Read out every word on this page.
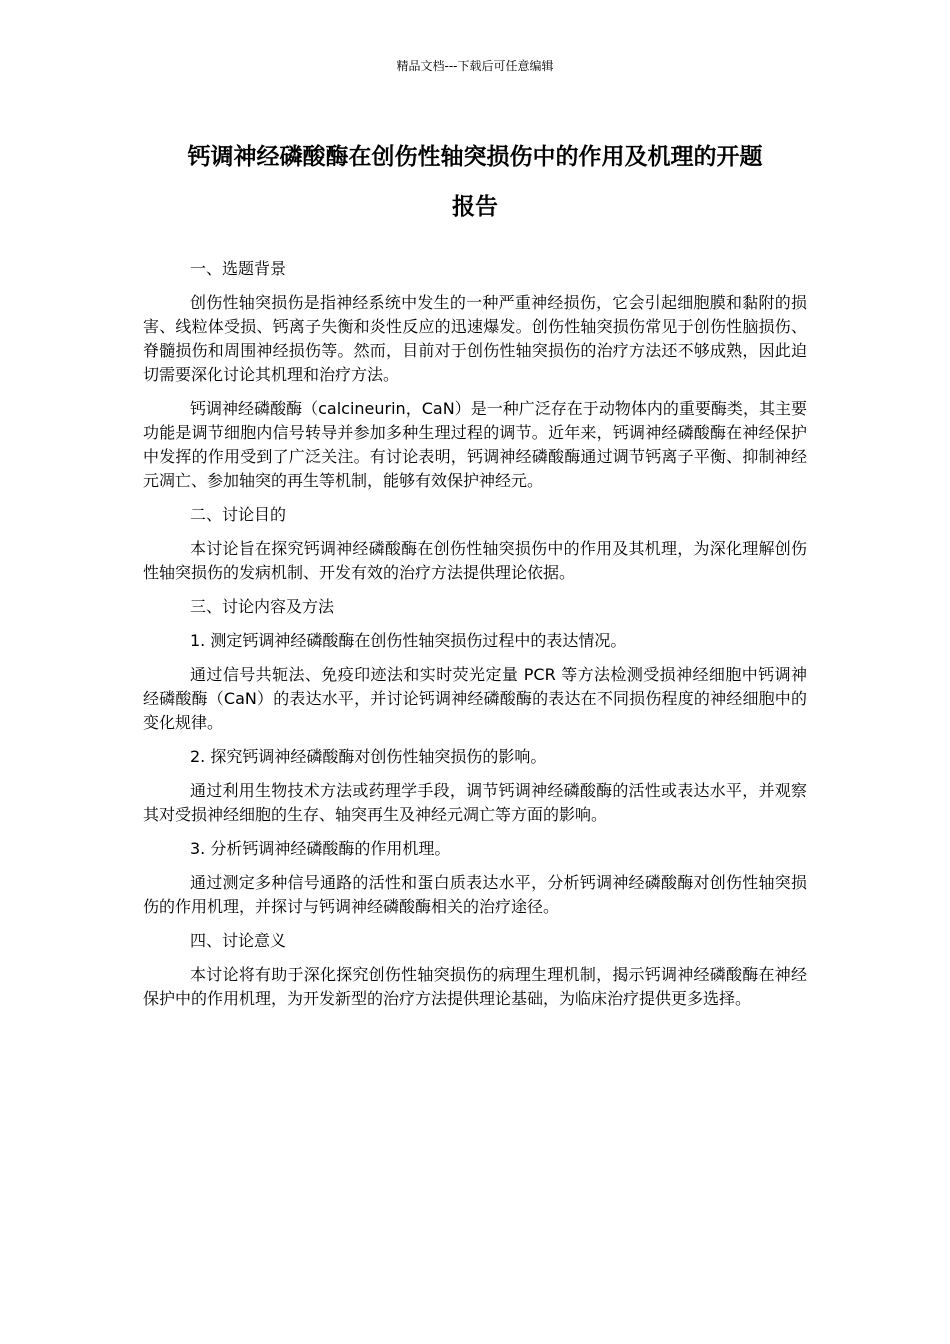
精品文档---下载后可任意编辑
钙调神经磷酸酶在创伤性轴突损伤中的作用及机理的开题
报告

一、选题背景

创伤性轴突损伤是指神经系统中发生的一种严重神经损伤，它会引起细胞膜和黏附的损害、线粒体受损、钙离子失衡和炎性反应的迅速爆发。创伤性轴突损伤常见于创伤性脑损伤、脊髓损伤和周围神经损伤等。然而，目前对于创伤性轴突损伤的治疗方法还不够成熟，因此迫切需要深化讨论其机理和治疗方法。

钙调神经磷酸酶（calcineurin，CaN）是一种广泛存在于动物体内的重要酶类，其主要功能是调节细胞内信号转导并参加多种生理过程的调节。近年来，钙调神经磷酸酶在神经保护中发挥的作用受到了广泛关注。有讨论表明，钙调神经磷酸酶通过调节钙离子平衡、抑制神经元凋亡、参加轴突的再生等机制，能够有效保护神经元。

二、讨论目的

本讨论旨在探究钙调神经磷酸酶在创伤性轴突损伤中的作用及其机理，为深化理解创伤性轴突损伤的发病机制、开发有效的治疗方法提供理论依据。

三、讨论内容及方法

1. 测定钙调神经磷酸酶在创伤性轴突损伤过程中的表达情况。

通过信号共轭法、免疫印迹法和实时荧光定量 PCR 等方法检测受损神经细胞中钙调神经磷酸酶（CaN）的表达水平，并讨论钙调神经磷酸酶的表达在不同损伤程度的神经细胞中的变化规律。

2. 探究钙调神经磷酸酶对创伤性轴突损伤的影响。

通过利用生物技术方法或药理学手段，调节钙调神经磷酸酶的活性或表达水平，并观察其对受损神经细胞的生存、轴突再生及神经元凋亡等方面的影响。

3. 分析钙调神经磷酸酶的作用机理。

通过测定多种信号通路的活性和蛋白质表达水平，分析钙调神经磷酸酶对创伤性轴突损伤的作用机理，并探讨与钙调神经磷酸酶相关的治疗途径。

四、讨论意义

本讨论将有助于深化探究创伤性轴突损伤的病理生理机制，揭示钙调神经磷酸酶在神经保护中的作用机理，为开发新型的治疗方法提供理论基础，为临床治疗提供更多选择。
